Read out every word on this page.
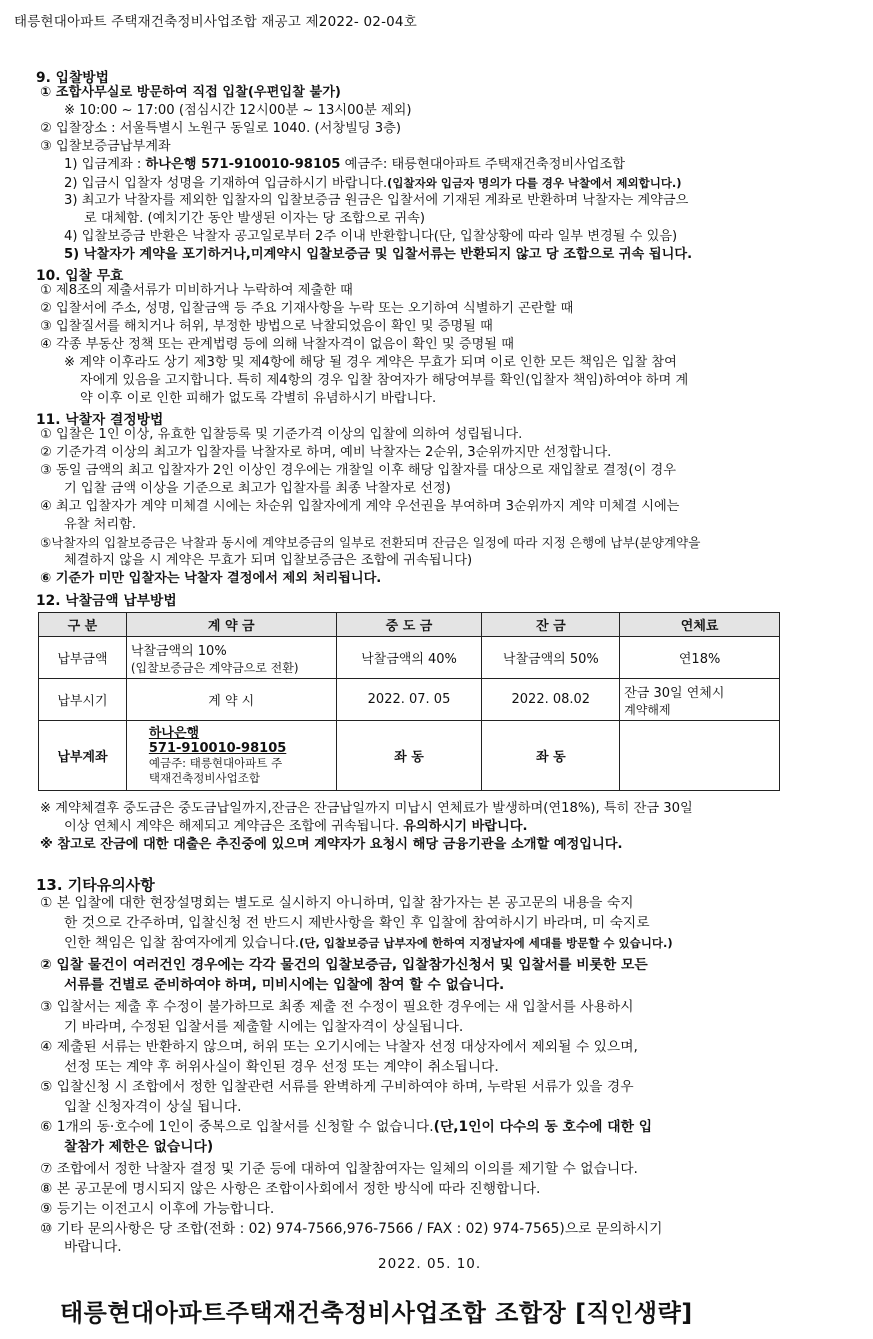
태릉현대아파트 주택재건축정비사업조합 재공고 제2022- 02-04호
9. 입찰방법
① 조합사무실로 방문하여 직접 입찰(우편입찰 불가)
※ 10:00 ~ 17:00 (점심시간 12시00분 ~ 13시00분 제외)
② 입찰장소 : 서울특별시 노원구 동일로 1040. (서창빌딩 3층)
③ 입찰보증금납부계좌
1) 입금계좌 : 하나은행 571-910010-98105 예금주: 태릉현대아파트 주택재건축정비사업조합
2) 입금시 입찰자 성명을 기재하여 입금하시기 바랍니다.(입찰자와 입금자 명의가 다를 경우 낙찰에서 제외합니다.)
3) 최고가 낙찰자를 제외한 입찰자의 입찰보증금 원금은 입찰서에 기재된 계좌로 반환하며 낙찰자는 계약금으
로 대체함. (예치기간 동안 발생된 이자는 당 조합으로 귀속)
4) 입찰보증금 반환은 낙찰자 공고일로부터 2주 이내 반환합니다(단, 입찰상황에 따라 일부 변경될 수 있음)
5) 낙찰자가 계약을 포기하거나,미계약시 입찰보증금 및 입찰서류는 반환되지 않고 당 조합으로 귀속 됩니다.
10. 입찰 무효
① 제8조의 제출서류가 미비하거나 누락하여 제출한 때
② 입찰서에 주소, 성명, 입찰금액 등 주요 기재사항을 누락 또는 오기하여 식별하기 곤란할 때
③ 입찰질서를 해치거나 허위, 부정한 방법으로 낙찰되었음이 확인 및 증명될 때
④ 각종 부동산 정책 또는 관계법령 등에 의해 낙찰자격이 없음이 확인 및 증명될 때
※ 계약 이후라도 상기 제3항 및 제4항에 해당 될 경우 계약은 무효가 되며 이로 인한 모든 책임은 입찰 참여
자에게 있음을 고지합니다. 특히 제4항의 경우 입찰 참여자가 해당여부를 확인(입찰자 책임)하여야 하며 계
약 이후 이로 인한 피해가 없도록 각별히 유념하시기 바랍니다.
11. 낙찰자 결정방법
① 입찰은 1인 이상, 유효한 입찰등록 및 기준가격 이상의 입찰에 의하여 성립됩니다.
② 기준가격 이상의 최고가 입찰자를 낙찰자로 하며, 예비 낙찰자는 2순위, 3순위까지만 선정합니다.
③ 동일 금액의 최고 입찰자가 2인 이상인 경우에는 개찰일 이후 해당 입찰자를 대상으로 재입찰로 결정(이 경우
기 입찰 금액 이상을 기준으로 최고가 입찰자를 최종 낙찰자로 선정)
④ 최고 입찰자가 계약 미체결 시에는 차순위 입찰자에게 계약 우선권을 부여하며 3순위까지 계약 미체결 시에는
유찰 처리함.
⑤낙찰자의 입찰보증금은 낙찰과 동시에 계약보증금의 일부로 전환되며 잔금은 일정에 따라 지정 은행에 납부(분양계약을
체결하지 않을 시 계약은 무효가 되며 입찰보증금은 조합에 귀속됩니다)
⑥ 기준가 미만 입찰자는 낙찰자 결정에서 제외 처리됩니다.
12. 낙찰금액 납부방법
구 분	계 약 금	중 도 금	잔 금	연체료
납부금액	낙찰금액의 10%
(입찰보증금은 계약금으로 전환)	낙찰금액의 40%	낙찰금액의 50%	연18%
납부시기	계 약 시	2022. 07. 05	2022. 08.02	잔금 30일 연체시
계약해제

납부계좌	하나은행
571-910010-98105
예금주: 태릉현대아파트 주
택재건축정비사업조합	좌 동	좌 동	
※ 계약체결후 중도금은 중도금납일까지,잔금은 잔금납일까지 미납시 연체료가 발생하며(연18%), 특히 잔금 30일
이상 연체시 계약은 해제되고 계약금은 조합에 귀속됩니다. 유의하시기 바랍니다.
※ 참고로 잔금에 대한 대출은 추진중에 있으며 계약자가 요청시 해당 금융기관을 소개할 예정입니다.
13. 기타유의사항
① 본 입찰에 대한 현장설명회는 별도로 실시하지 아니하며, 입찰 참가자는 본 공고문의 내용을 숙지
한 것으로 간주하며, 입찰신청 전 반드시 제반사항을 확인 후 입찰에 참여하시기 바라며, 미 숙지로
인한 책임은 입찰 참여자에게 있습니다.(단, 입찰보증금 납부자에 한하여 지정날자에 세대를 방문할 수 있습니다.)
② 입찰 물건이 여러건인 경우에는 각각 물건의 입찰보증금, 입찰참가신청서 및 입찰서를 비롯한 모든
서류를 건별로 준비하여야 하며, 미비시에는 입찰에 참여 할 수 없습니다.
③ 입찰서는 제출 후 수정이 불가하므로 최종 제출 전 수정이 필요한 경우에는 새 입찰서를 사용하시
기 바라며, 수정된 입찰서를 제출할 시에는 입찰자격이 상실됩니다.
④ 제출된 서류는 반환하지 않으며, 허위 또는 오기시에는 낙찰자 선정 대상자에서 제외될 수 있으며,
선정 또는 계약 후 허위사실이 확인된 경우 선정 또는 계약이 취소됩니다.
⑤ 입찰신청 시 조합에서 정한 입찰관련 서류를 완벽하게 구비하여야 하며, 누락된 서류가 있을 경우
입찰 신청자격이 상실 됩니다.
⑥ 1개의 동·호수에 1인이 중복으로 입찰서를 신청할 수 없습니다.(단,1인이 다수의 동 호수에 대한 입
찰참가 제한은 없습니다)
⑦ 조합에서 정한 낙찰자 결정 및 기준 등에 대하여 입찰참여자는 일체의 이의를 제기할 수 없습니다.
⑧ 본 공고문에 명시되지 않은 사항은 조합이사회에서 정한 방식에 따라 진행합니다.
⑨ 등기는 이전고시 이후에 가능합니다.
⑩ 기타 문의사항은 당 조합(전화 : 02) 974-7566,976-7566 / FAX : 02) 974-7565)으로 문의하시기
바랍니다.
2022. 05. 10.
태릉현대아파트주택재건축정비사업조합 조합장 [직인생략]
